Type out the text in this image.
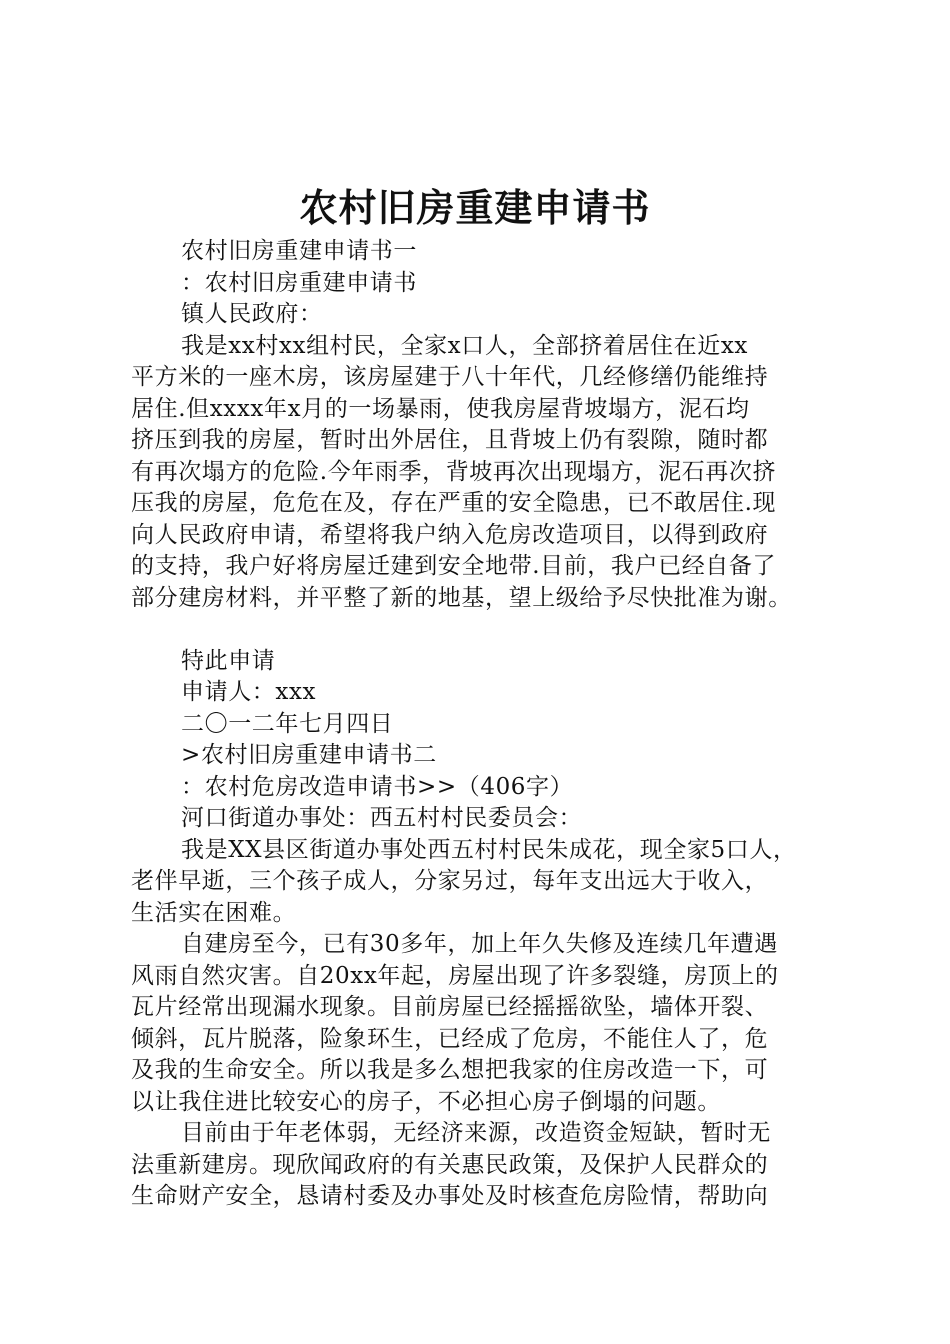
农村旧房重建申请书

农村旧房重建申请书一

：农村旧房重建申请书

镇人民政府：

我是xx村xx组村民，全家x口人，全部挤着居住在近xx

平方米的一座木房，该房屋建于八十年代，几经修缮仍能维持

居住.但xxxx年x月的一场暴雨，使我房屋背坡塌方，泥石均

挤压到我的房屋，暂时出外居住，且背坡上仍有裂隙，随时都

有再次塌方的危险.今年雨季，背坡再次出现塌方，泥石再次挤

压我的房屋，危危在及，存在严重的安全隐患，已不敢居住.现

向人民政府申请，希望将我户纳入危房改造项目，以得到政府

的支持，我户好将房屋迁建到安全地带.目前，我户已经自备了

部分建房材料，并平整了新的地基，望上级给予尽快批准为谢。

特此申请

申请人：xxx

二〇一二年七月四日

>农村旧房重建申请书二

：农村危房改造申请书>>（406字）

河口街道办事处：西五村村民委员会：

我是XX县区街道办事处西五村村民朱成花，现全家5口人，

老伴早逝，三个孩子成人，分家另过，每年支出远大于收入，

生活实在困难。

自建房至今，已有30多年，加上年久失修及连续几年遭遇

风雨自然灾害。自20xx年起，房屋出现了许多裂缝，房顶上的

瓦片经常出现漏水现象。目前房屋已经摇摇欲坠，墙体开裂、

倾斜，瓦片脱落，险象环生，已经成了危房，不能住人了，危

及我的生命安全。所以我是多么想把我家的住房改造一下，可

以让我住进比较安心的房子，不必担心房子倒塌的问题。

目前由于年老体弱，无经济来源，改造资金短缺，暂时无

法重新建房。现欣闻政府的有关惠民政策，及保护人民群众的

生命财产安全，恳请村委及办事处及时核查危房险情，帮助向
